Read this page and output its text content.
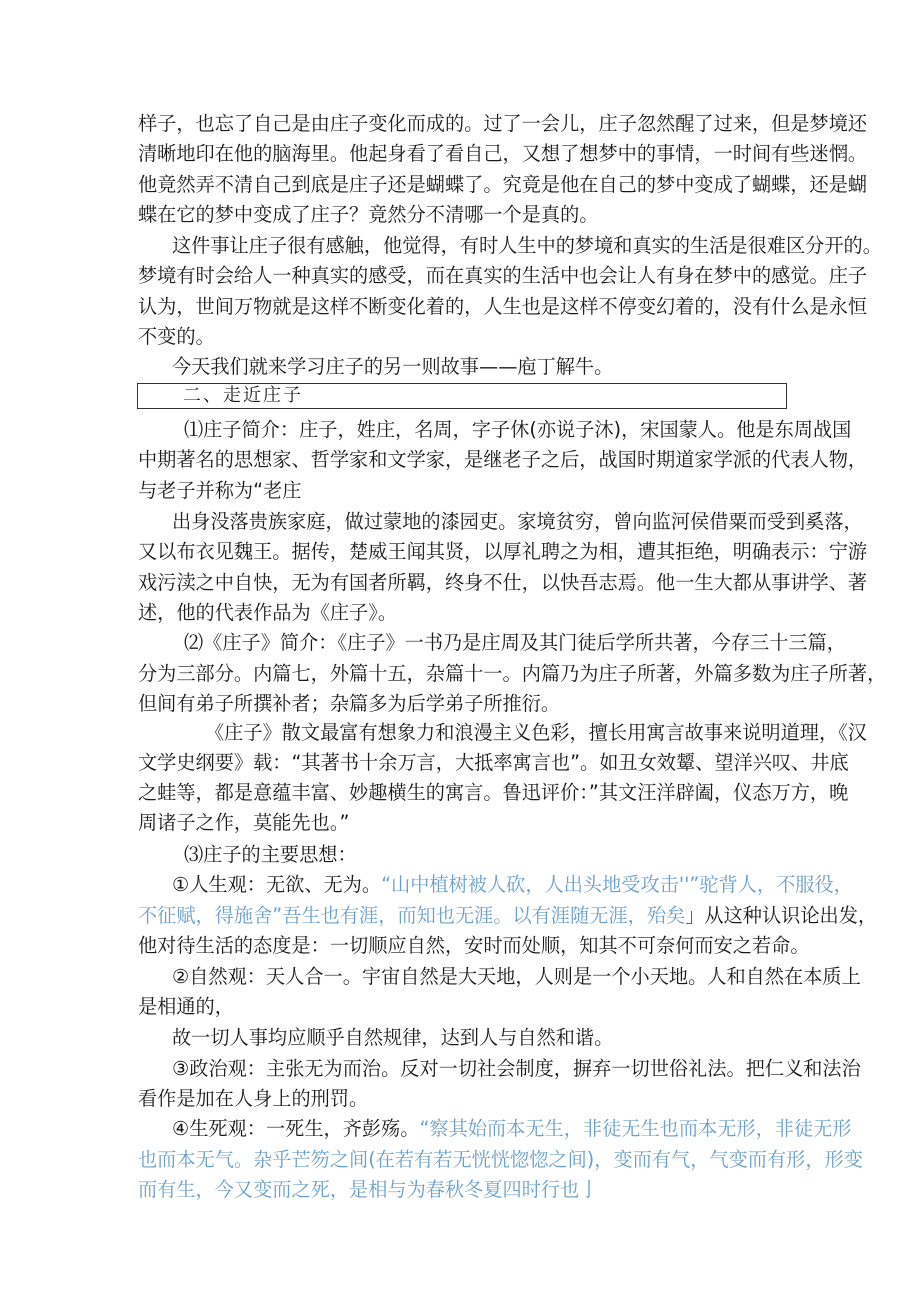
样子，也忘了自己是由庄子变化而成的。过了一会儿，庄子忽然醒了过来，但是梦境还
清晰地印在他的脑海里。他起身看了看自己，又想了想梦中的事情，一时间有些迷惘。
他竟然弄不清自己到底是庄子还是蝴蝶了。究竟是他在自己的梦中变成了蝴蝶，还是蝴
蝶在它的梦中变成了庄子？竟然分不清哪一个是真的。
这件事让庄子很有感触，他觉得，有时人生中的梦境和真实的生活是很难区分开的。
梦境有时会给人一种真实的感受，而在真实的生活中也会让人有身在梦中的感觉。庄子
认为，世间万物就是这样不断变化着的，人生也是这样不停变幻着的，没有什么是永恒
不变的。
今天我们就来学习庄子的另一则故事——庖丁解牛。
二、走近庄子
⑴庄子简介：庄子，姓庄，名周，字子休(亦说子沐)，宋国蒙人。他是东周战国
中期著名的思想家、哲学家和文学家，是继老子之后，战国时期道家学派的代表人物，
与老子并称为“老庄
出身没落贵族家庭，做过蒙地的漆园吏。家境贫穷，曾向监河侯借粟而受到奚落，
又以布衣见魏王。据传，楚威王闻其贤，以厚礼聘之为相，遭其拒绝，明确表示：宁游
戏污渎之中自快，无为有国者所羁，终身不仕，以快吾志焉。他一生大都从事讲学、著
述，他的代表作品为《庄子》。
⑵《庄子》简介：《庄子》一书乃是庄周及其门徒后学所共著，今存三十三篇，
分为三部分。内篇七，外篇十五，杂篇十一。内篇乃为庄子所著，外篇多数为庄子所著，
但间有弟子所撰补者；杂篇多为后学弟子所推衍。
《庄子》散文最富有想象力和浪漫主义色彩，擅长用寓言故事来说明道理，《汉
文学史纲要》载：“其著书十余万言，大抵率寓言也”。如丑女效颦、望洋兴叹、井底
之蛙等，都是意蕴丰富、妙趣横生的寓言。鲁迅评价：”其文汪洋辟阖，仪态万方，晚
周诸子之作，莫能先也。”
⑶庄子的主要思想：
①人生观：无欲、无为。“山中植树被人砍，人出头地受攻击''”驼背人，不服役，
不征赋，得施舍”吾生也有涯，而知也无涯。以有涯随无涯，殆矣」从这种认识论出发，
他对待生活的态度是：一切顺应自然，安时而处顺，知其不可奈何而安之若命。
②自然观：天人合一。宇宙自然是大天地，人则是一个小天地。人和自然在本质上
是相通的，
故一切人事均应顺乎自然规律，达到人与自然和谐。
③政治观：主张无为而治。反对一切社会制度，摒弃一切世俗礼法。把仁义和法治
看作是加在人身上的刑罚。
④生死观：一死生，齐彭殇。“察其始而本无生，非徒无生也而本无形，非徒无形
也而本无气。杂乎芒笏之间(在若有若无恍恍惚惚之间)，变而有气，气变而有形，形变
而有生，今又变而之死，是相与为春秋冬夏四时行也亅
